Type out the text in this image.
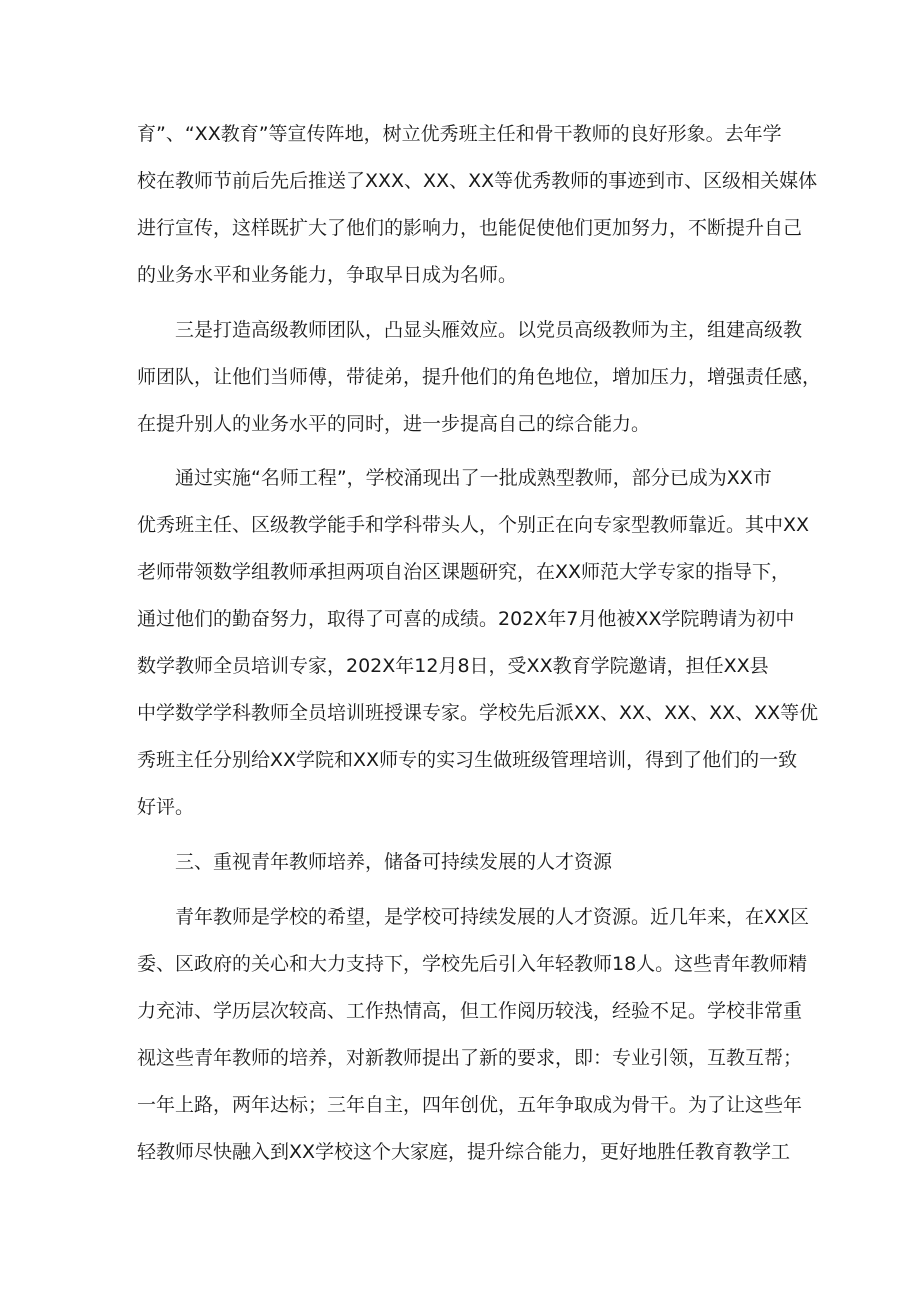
育”、“XX教育”等宣传阵地，树立优秀班主任和骨干教师的良好形象。去年学
校在教师节前后先后推送了XXX、XX、XX等优秀教师的事迹到市、区级相关媒体
进行宣传，这样既扩大了他们的影响力，也能促使他们更加努力，不断提升自己
的业务水平和业务能力，争取早日成为名师。
三是打造高级教师团队，凸显头雁效应。以党员高级教师为主，组建高级教
师团队，让他们当师傅，带徒弟，提升他们的角色地位，增加压力，增强责任感，
在提升别人的业务水平的同时，进一步提高自己的综合能力。
通过实施“名师工程”，学校涌现出了一批成熟型教师，部分已成为XX市
优秀班主任、区级教学能手和学科带头人，个别正在向专家型教师靠近。其中XX
老师带领数学组教师承担两项自治区课题研究，在XX师范大学专家的指导下，
通过他们的勤奋努力，取得了可喜的成绩。202X年7月他被XX学院聘请为初中
数学教师全员培训专家，202X年12月8日，受XX教育学院邀请，担任XX县
中学数学学科教师全员培训班授课专家。学校先后派XX、XX、XX、XX、XX等优
秀班主任分别给XX学院和XX师专的实习生做班级管理培训，得到了他们的一致
好评。
三、重视青年教师培养，储备可持续发展的人才资源
青年教师是学校的希望，是学校可持续发展的人才资源。近几年来，在XX区
委、区政府的关心和大力支持下，学校先后引入年轻教师18人。这些青年教师精
力充沛、学历层次较高、工作热情高，但工作阅历较浅，经验不足。学校非常重
视这些青年教师的培养，对新教师提出了新的要求，即：专业引领，互教互帮；
一年上路，两年达标；三年自主，四年创优，五年争取成为骨干。为了让这些年
轻教师尽快融入到XX学校这个大家庭，提升综合能力，更好地胜任教育教学工
